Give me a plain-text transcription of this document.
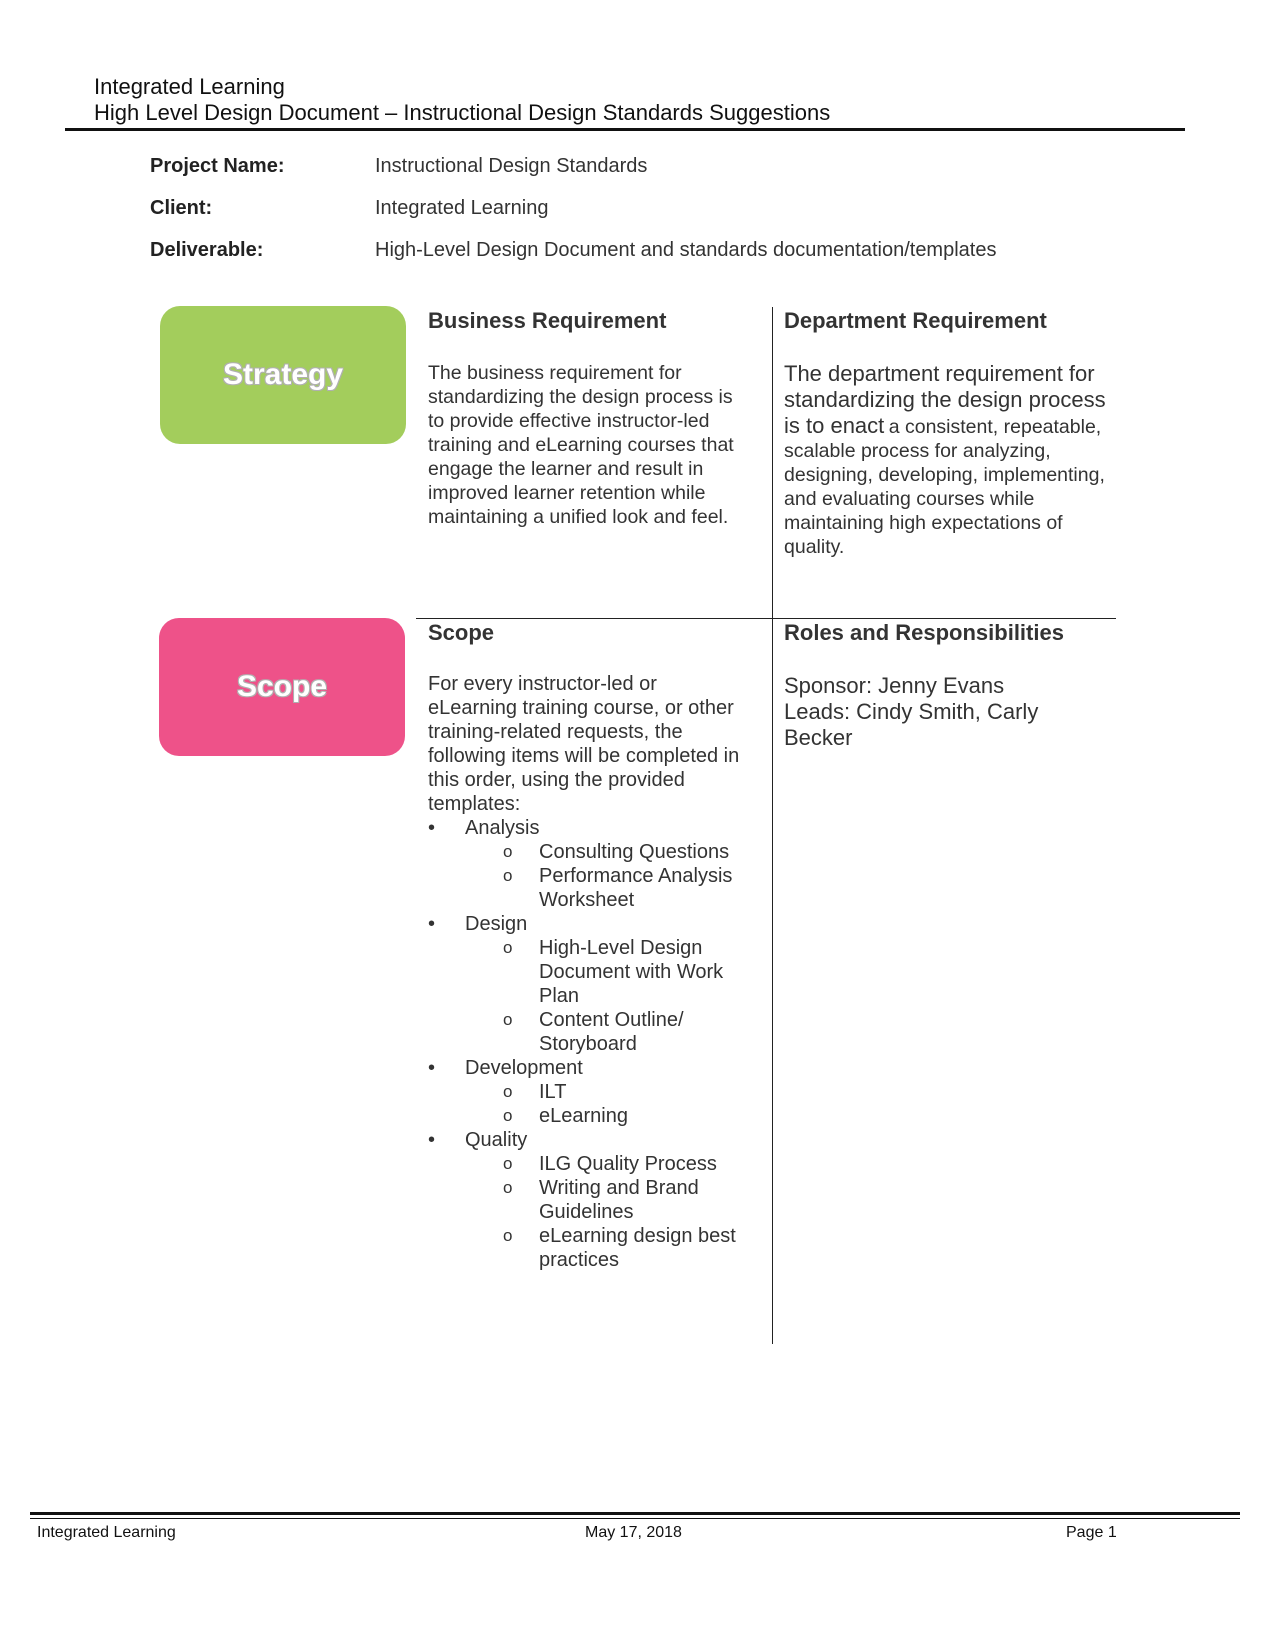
Integrated Learning
High Level Design Document – Instructional Design Standards Suggestions
Project Name:	Instructional Design Standards
Client:	Integrated Learning
Deliverable:	High-Level Design Document and standards documentation/templates
Strategy
Business Requirement
The business requirement for standardizing the design process is to provide effective instructor-led training and eLearning courses that engage the learner and result in improved learner retention while maintaining a unified look and feel.
Department Requirement
The department requirement for standardizing the design process is to enact a consistent, repeatable, scalable process for analyzing, designing, developing, implementing, and evaluating courses while maintaining high expectations of quality.
Scope
Scope
For every instructor-led or eLearning training course, or other training-related requests, the following items will be completed in this order, using the provided templates:
• Analysis
o Consulting Questions
o Performance Analysis Worksheet
• Design
o High-Level Design Document with Work Plan
o Content Outline/ Storyboard
• Development
o ILT
o eLearning
• Quality
o ILG Quality Process
o Writing and Brand Guidelines
o eLearning design best practices
Roles and Responsibilities
Sponsor: Jenny Evans
Leads: Cindy Smith, Carly Becker
Integrated Learning	May 17, 2018	Page 1
